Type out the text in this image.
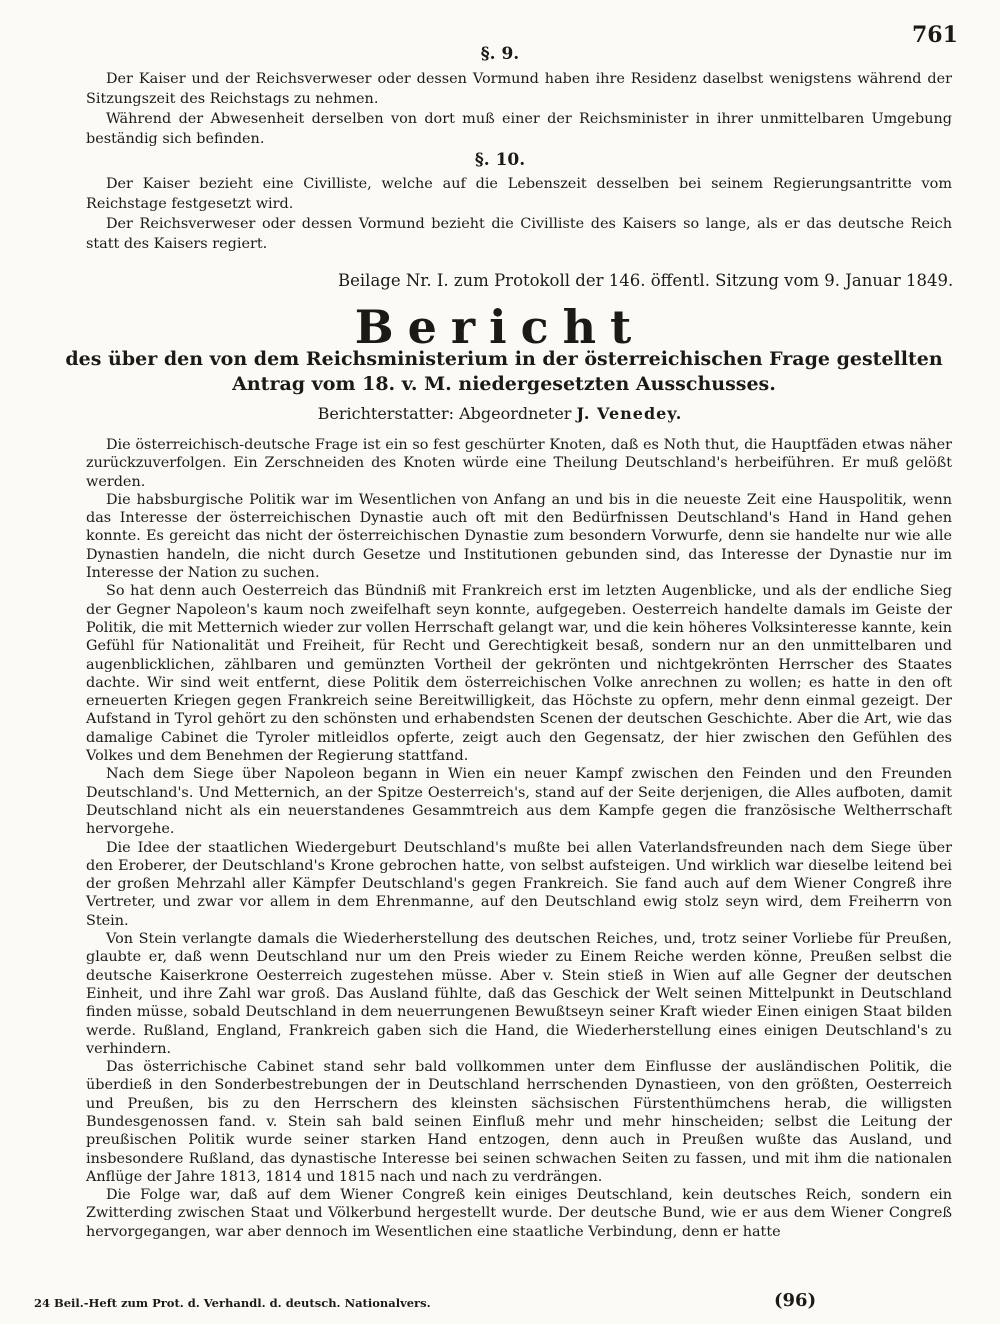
761
§. 9.

Der Kaiser und der Reichsverweser oder dessen Vormund haben ihre Residenz daselbst wenigstens während der Sitzungszeit des Reichstags zu nehmen.

Während der Abwesenheit derselben von dort muß einer der Reichsminister in ihrer unmittelbaren Umgebung beständig sich befinden.

§. 10.

Der Kaiser bezieht eine Civilliste, welche auf die Lebenszeit desselben bei seinem Regierungsantritte vom Reichstage festgesetzt wird.

Der Reichsverweser oder dessen Vormund bezieht die Civilliste des Kaisers so lange, als er das deutsche Reich statt des Kaisers regiert.

Beilage Nr. I. zum Protokoll der 146. öffentl. Sitzung vom 9. Januar 1849.
Bericht
des über den von dem Reichsministerium in der österreichischen Frage gestellten Antrag vom 18. v. M. niedergesetzten Ausschusses.
Berichterstatter: Abgeordneter J. Venedey.

Die österreichisch-deutsche Frage ist ein so fest geschürter Knoten, daß es Noth thut, die Hauptfäden etwas näher zurückzuverfolgen. Ein Zerschneiden des Knoten würde eine Theilung Deutschland's herbeiführen. Er muß gelößt werden.

Die habsburgische Politik war im Wesentlichen von Anfang an und bis in die neueste Zeit eine Hauspolitik, wenn das Interesse der österreichischen Dynastie auch oft mit den Bedürfnissen Deutschland's Hand in Hand gehen konnte. Es gereicht das nicht der österreichischen Dynastie zum besondern Vorwurfe, denn sie handelte nur wie alle Dynastien handeln, die nicht durch Gesetze und Institutionen gebunden sind, das Interesse der Dynastie nur im Interesse der Nation zu suchen.

So hat denn auch Oesterreich das Bündniß mit Frankreich erst im letzten Augenblicke, und als der endliche Sieg der Gegner Napoleon's kaum noch zweifelhaft seyn konnte, aufgegeben. Oesterreich handelte damals im Geiste der Politik, die mit Metternich wieder zur vollen Herrschaft gelangt war, und die kein höheres Volksinteresse kannte, kein Gefühl für Nationalität und Freiheit, für Recht und Gerechtigkeit besaß, sondern nur an den unmittelbaren und augenblicklichen, zählbaren und gemünzten Vortheil der gekrönten und nichtgekrönten Herrscher des Staates dachte. Wir sind weit entfernt, diese Politik dem österreichischen Volke anrechnen zu wollen; es hatte in den oft erneuerten Kriegen gegen Frankreich seine Bereitwilligkeit, das Höchste zu opfern, mehr denn einmal gezeigt. Der Aufstand in Tyrol gehört zu den schönsten und erhabendsten Scenen der deutschen Geschichte. Aber die Art, wie das damalige Cabinet die Tyroler mitleidlos opferte, zeigt auch den Gegensatz, der hier zwischen den Gefühlen des Volkes und dem Benehmen der Regierung stattfand.

Nach dem Siege über Napoleon begann in Wien ein neuer Kampf zwischen den Feinden und den Freunden Deutschland's. Und Metternich, an der Spitze Oesterreich's, stand auf der Seite derjenigen, die Alles aufboten, damit Deutschland nicht als ein neuerstandenes Gesammtreich aus dem Kampfe gegen die französische Weltherrschaft hervorgehe.

Die Idee der staatlichen Wiedergeburt Deutschland's mußte bei allen Vaterlandsfreunden nach dem Siege über den Eroberer, der Deutschland's Krone gebrochen hatte, von selbst aufsteigen. Und wirklich war dieselbe leitend bei der großen Mehrzahl aller Kämpfer Deutschland's gegen Frankreich. Sie fand auch auf dem Wiener Congreß ihre Vertreter, und zwar vor allem in dem Ehrenmanne, auf den Deutschland ewig stolz seyn wird, dem Freiherrn von Stein.

Von Stein verlangte damals die Wiederherstellung des deutschen Reiches, und, trotz seiner Vorliebe für Preußen, glaubte er, daß wenn Deutschland nur um den Preis wieder zu Einem Reiche werden könne, Preußen selbst die deutsche Kaiserkrone Oesterreich zugestehen müsse. Aber v. Stein stieß in Wien auf alle Gegner der deutschen Einheit, und ihre Zahl war groß. Das Ausland fühlte, daß das Geschick der Welt seinen Mittelpunkt in Deutschland finden müsse, sobald Deutschland in dem neuerrungenen Bewußtseyn seiner Kraft wieder Einen einigen Staat bilden werde. Rußland, England, Frankreich gaben sich die Hand, die Wiederherstellung eines einigen Deutschland's zu verhindern.

Das österrichische Cabinet stand sehr bald vollkommen unter dem Einflusse der ausländischen Politik, die überdieß in den Sonderbestrebungen der in Deutschland herrschenden Dynastieen, von den größten, Oesterreich und Preußen, bis zu den Herrschern des kleinsten sächsischen Fürstenthümchens herab, die willigsten Bundesgenossen fand. v. Stein sah bald seinen Einfluß mehr und mehr hinscheiden; selbst die Leitung der preußischen Politik wurde seiner starken Hand entzogen, denn auch in Preußen wußte das Ausland, und insbesondere Rußland, das dynastische Interesse bei seinen schwachen Seiten zu fassen, und mit ihm die nationalen Anflüge der Jahre 1813, 1814 und 1815 nach und nach zu verdrängen.

Die Folge war, daß auf dem Wiener Congreß kein einiges Deutschland, kein deutsches Reich, sondern ein Zwitterding zwischen Staat und Völkerbund hergestellt wurde. Der deutsche Bund, wie er aus dem Wiener Congreß hervorgegangen, war aber dennoch im Wesentlichen eine staatliche Verbindung, denn er hatte

24 Beil.-Heft zum Prot. d. Verhandl. d. deutsch. Nationalvers.	(96)
